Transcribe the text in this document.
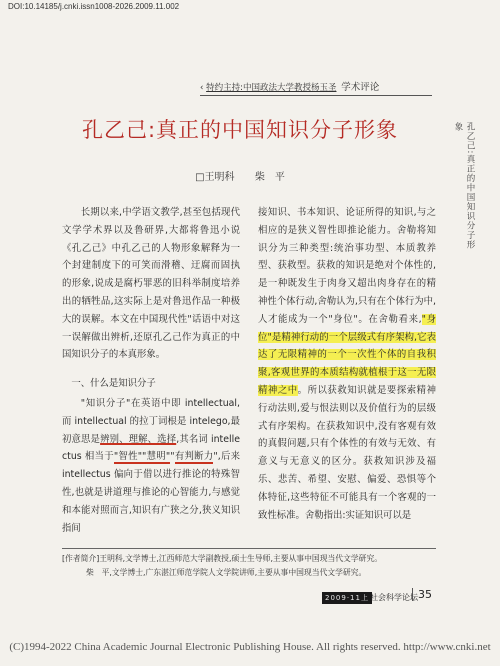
DOI:10.14185/j.cnki.issn1008-2026.2009.11.002
‹ 特约主持:中国政法大学教授杨玉圣 学术评论
孔乙己:真正的中国知识分子形象
□王明科 柴　平	孔乙己:真正的中国知识分子形象

长期以来,中学语文教学,甚至包括现代文学学术界以及鲁研界,大都将鲁迅小说《孔乙己》中孔乙己的人物形象解释为一个封建制度下的可笑而滑稽、迂腐而固执的形象,说成是腐朽罪恶的旧科举制度培养出的牺牲品,这实际上是对鲁迅作品一种极大的误解。本文在中国现代性"话语中对这一误解做出辨析,还原孔乙己作为真正的中国知识分子的本真形象。

一、什么是知识分子

"知识分子"在英语中即 intellectual,而 intellectual 的拉丁词根是 intelego,最初意思是辨别、理解、选择,其名词 intellectus 相当于"智性""慧明""有判断力",后来 intellectus 偏向于借以进行推论的特殊智性,也就是讲道理与推论的心智能力,与感觉和本能对照而言,知识有广狭之分,狭义知识指间

接知识、书本知识、论证所得的知识,与之相应的是狭义智性即推论能力。舍勒将知识分为三种类型:统治事功型、本质教养型、获救型。获救的知识是绝对个体性的,是一种既发生于肉身又超出肉身存在的精神性个体行动,舍勒认为,只有在个体行为中,人才能成为一个"身位"。在舍勒看来,"身位"是精神行动的一个层级式有序架构,它表达了无限精神的一个一次性个体的自我积聚,客观世界的本质结构就植根于这一无限精神之中。所以获救知识就是要探索精神行动法则,爱与恨法则以及价值行为的层级式有序架构。在获救知识中,没有客观有效的真假问题,只有个体性的有效与无效、有意义与无意义的区分。获救知识涉及福乐、悲苦、希望、安慰、偏爱、恐惧等个体特征,这些特征不可能具有一个客观的一致性标准。舍勒指出:实证知识可以是

[作者简介]王明科,文学博士,江西师范大学副教授,硕士生导师,主要从事中国现当代文学研究。
柴　平,文学博士,广东湛江师范学院人文学院讲师,主要从事中国现当代文学研究。
2009·11上 社会科学论坛 35
(C)1994-2022 China Academic Journal Electronic Publishing House. All rights reserved. http://www.cnki.net
